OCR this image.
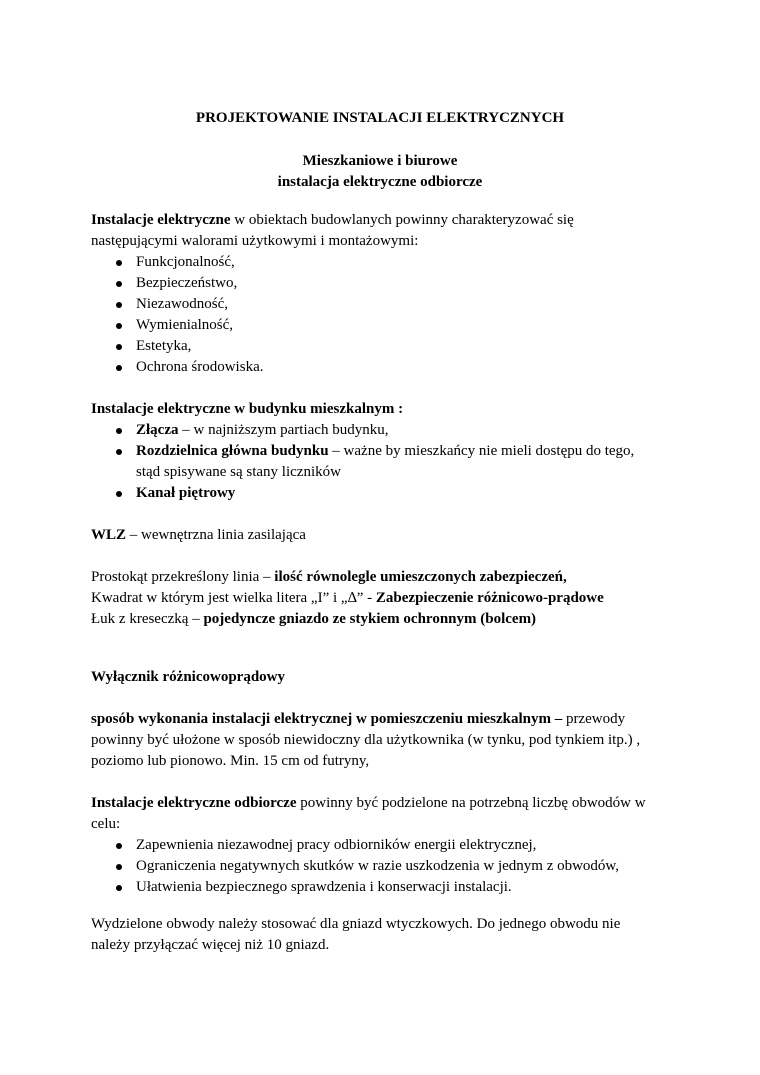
PROJEKTOWANIE INSTALACJI ELEKTRYCZNYCH
Mieszkaniowe i biurowe
instalacja elektryczne odbiorcze
Instalacje elektryczne w obiektach budowlanych powinny charakteryzować się
następującymi walorami użytkowymi i montażowymi:
Funkcjonalność,
Bezpieczeństwo,
Niezawodność,
Wymienialność,
Estetyka,
Ochrona środowiska.
Instalacje elektryczne w budynku mieszkalnym :
Złącza – w najniższym partiach budynku,
Rozdzielnica główna budynku – ważne by mieszkańcy nie mieli dostępu do tego,
stąd spisywane są stany liczników
Kanał piętrowy
WLZ – wewnętrzna linia zasilająca
Prostokąt przekreślony linia – ilość równolegle umieszczonych zabezpieczeń,
Kwadrat w którym jest wielka litera „I” i „∆” - Zabezpieczenie różnicowo-prądowe
Łuk z kreseczką – pojedyncze gniazdo ze stykiem ochronnym (bolcem)
Wyłącznik różnicowoprądowy
sposób wykonania instalacji elektrycznej w pomieszczeniu mieszkalnym – przewody
powinny być ułożone w sposób niewidoczny dla użytkownika (w tynku, pod tynkiem itp.) ,
poziomo lub pionowo. Min. 15 cm od futryny,
Instalacje elektryczne odbiorcze powinny być podzielone na potrzebną liczbę obwodów w
celu:
Zapewnienia niezawodnej pracy odbiorników energii elektrycznej,
Ograniczenia negatywnych skutków w razie uszkodzenia w jednym z obwodów,
Ułatwienia bezpiecznego sprawdzenia i konserwacji instalacji.
Wydzielone obwody należy stosować dla gniazd wtyczkowych. Do jednego obwodu nie
należy przyłączać więcej niż 10 gniazd.
